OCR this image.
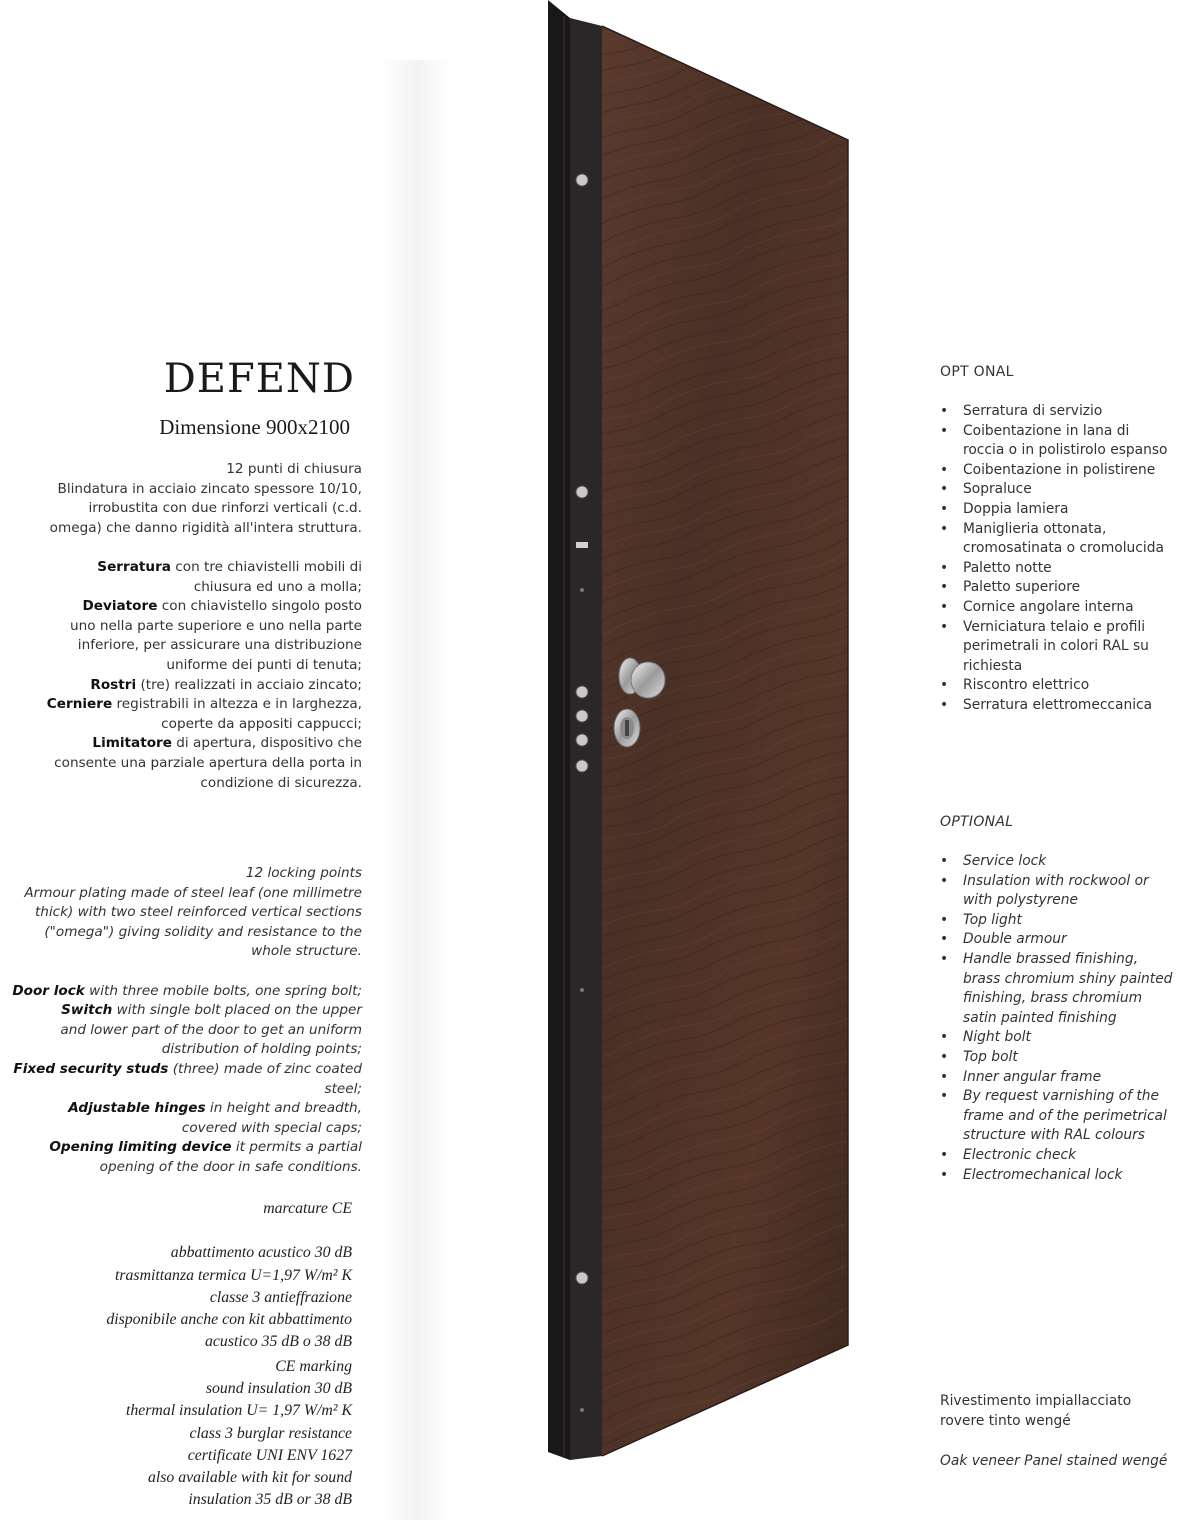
DEFEND
Dimensione 900x2100
12 punti di chiusura
Blindatura in acciaio zincato spessore 10/10,
irrobustita con due rinforzi verticali (c.d.
omega) che danno rigidità all'intera struttura.

Serratura con tre chiavistelli mobili di
chiusura ed uno a molla;
Deviatore con chiavistello singolo posto
uno nella parte superiore e uno nella parte
inferiore, per assicurare una distribuzione
uniforme dei punti di tenuta;
Rostri (tre) realizzati in acciaio zincato;
Cerniere registrabili in altezza e in larghezza,
coperte da appositi cappucci;
Limitatore di apertura, dispositivo che
consente una parziale apertura della porta in
condizione di sicurezza.
12 locking points
Armour plating made of steel leaf (one millimetre
thick) with two steel reinforced vertical sections
("omega") giving solidity and resistance to the
whole structure.

Door lock with three mobile bolts, one spring bolt;
Switch with single bolt placed on the upper
and lower part of the door to get an uniform
distribution of holding points;
Fixed security studs (three) made of zinc coated
steel;
Adjustable hinges in height and breadth,
covered with special caps;
Opening limiting device it permits a partial
opening of the door in safe conditions.
marcature CE

abbattimento acustico 30 dB
trasmittanza termica U=1,97 W/m² K
classe 3 antieffrazione
disponibile anche con kit abbattimento
acustico 35 dB o 38 dB
CE marking
sound insulation 30 dB
thermal insulation U= 1,97 W/m² K
class 3 burglar resistance
certificate UNI ENV 1627
also available with kit for sound
insulation 35 dB or 38 dB
OPT ONAL
• Serratura di servizio
• Coibentazione in lana di roccia o in polistirolo espanso
• Coibentazione in polistirene
• Sopraluce
• Doppia lamiera
• Maniglieria ottonata, cromosatinata o cromolucida
• Paletto notte
• Paletto superiore
• Cornice angolare interna
• Verniciatura telaio e profili perimetrali in colori RAL su richiesta
• Riscontro elettrico
• Serratura elettromeccanica
OPTIONAL
• Service lock
• Insulation with rockwool or with polystyrene
• Top light
• Double armour
• Handle brassed finishing, brass chromium shiny painted finishing, brass chromium satin painted finishing
• Night bolt
• Top bolt
• Inner angular frame
• By request varnishing of the frame and of the perimetrical structure with RAL colours
• Electronic check
• Electromechanical lock
Rivestimento impiallacciato
rovere tinto wengé
Oak veneer Panel stained wengé
